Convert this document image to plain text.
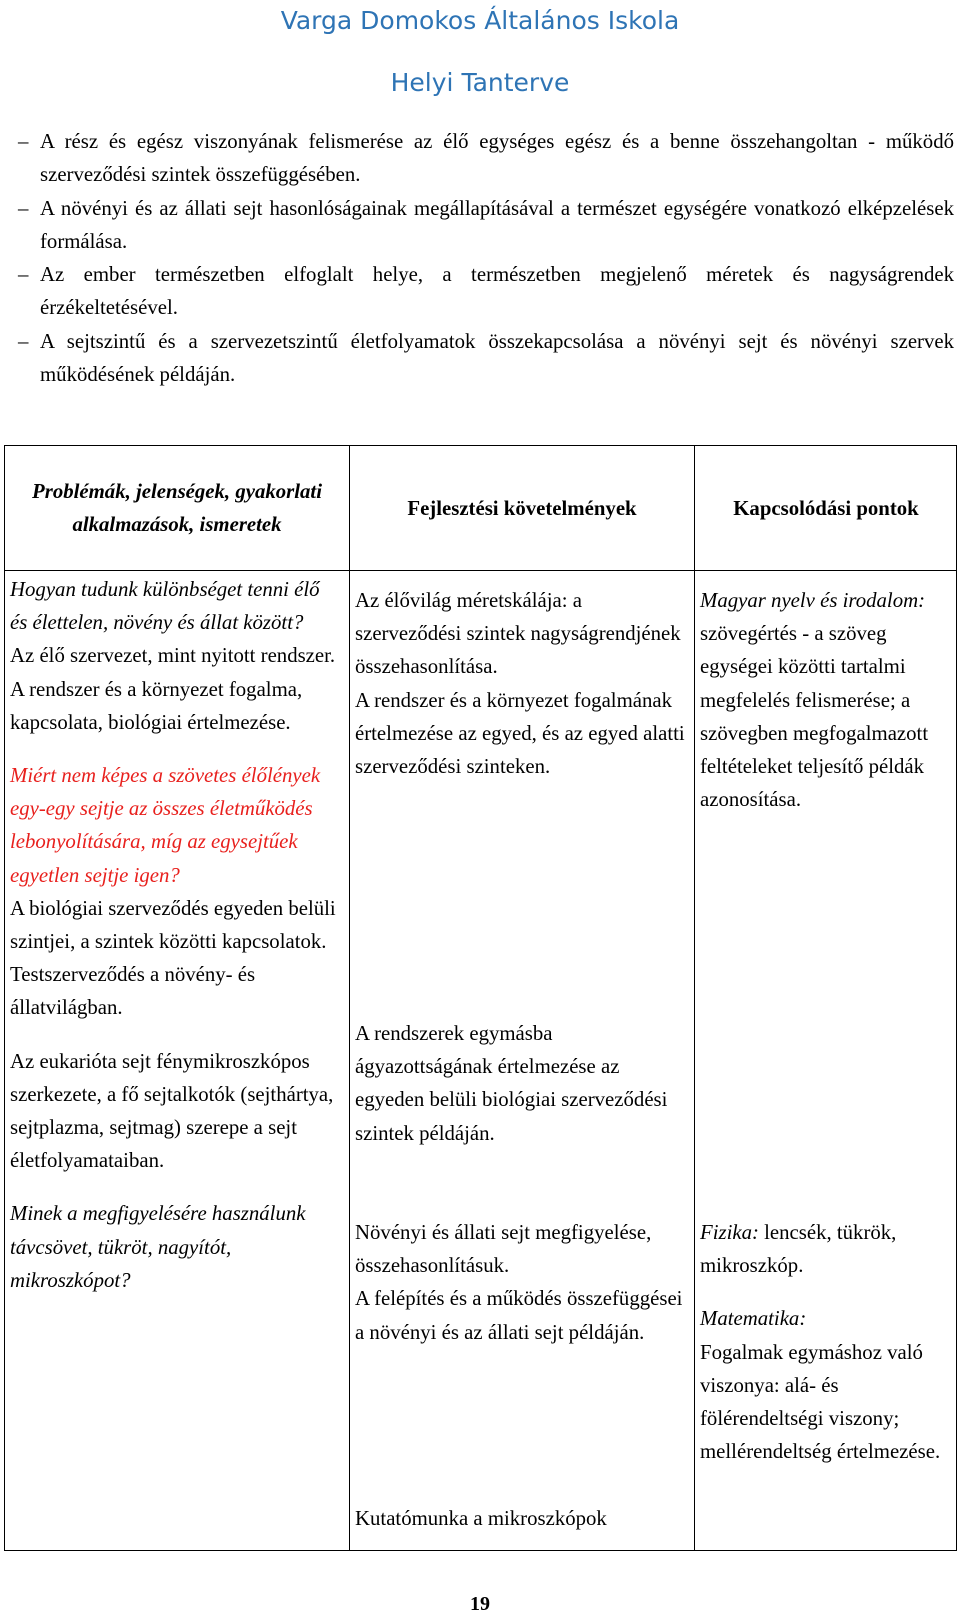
Varga Domokos Általános Iskola
Helyi Tanterve
– A rész és egész viszonyának felismerése az élő egységes egész és a benne összehangoltan - működő szerveződési szintek összefüggésében.
– A növényi és az állati sejt hasonlóságainak megállapításával a természet egységére vonatkozó elképzelések formálása.
– Az ember természetben elfoglalt helye, a természetben megjelenő méretek és nagyságrendek érzékeltetésével.
– A sejtszintű és a szervezetszintű életfolyamatok összekapcsolása a növényi sejt és növényi szervek működésének példáján.
Problémák, jelenségek, gyakorlati alkalmazások, ismeretek
Fejlesztési követelmények	Kapcsolódási pontok

Hogyan tudunk különbséget tenni élő és élettelen, növény és állat között?

Az élő szervezet, mint nyitott rendszer.

A rendszer és a környezet fogalma, kapcsolata, biológiai értelmezése.

Miért nem képes a szövetes élőlények egy-egy sejtje az összes életműködés lebonyolítására, míg az egysejtűek egyetlen sejtje igen?

A biológiai szerveződés egyeden belüli szintjei, a szintek közötti kapcsolatok.

Testszerveződés a növény- és állatvilágban.

Az eukarióta sejt fénymikroszkópos szerkezete, a fő sejtalkotók (sejthártya, sejtplazma, sejtmag) szerepe a sejt életfolyamataiban.

Minek a megfigyelésére használunk távcsövet, tükröt, nagyítót, mikroszkópot?

Az élővilág méretskálája: a szerveződési szintek nagyságrendjének összehasonlítása.

A rendszer és a környezet fogalmának értelmezése az egyed, és az egyed alatti szerveződési szinteken.

A rendszerek egymásba ágyazottságának értelmezése az egyeden belüli biológiai szerveződési szintek példáján.

Növényi és állati sejt megfigyelése, összehasonlításuk.

A felépítés és a működés összefüggései a növényi és az állati sejt példáján.

Kutatómunka a mikroszkópok

Magyar nyelv és irodalom: szövegértés - a szöveg egységei közötti tartalmi megfelelés felismerése; a szövegben megfogalmazott feltételeket teljesítő példák azonosítása.

Fizika: lencsék, tükrök, mikroszkóp.

Matematika:

Fogalmak egymáshoz való viszonya: alá- és fölérendeltségi viszony; mellérendeltség értelmezése.

19
